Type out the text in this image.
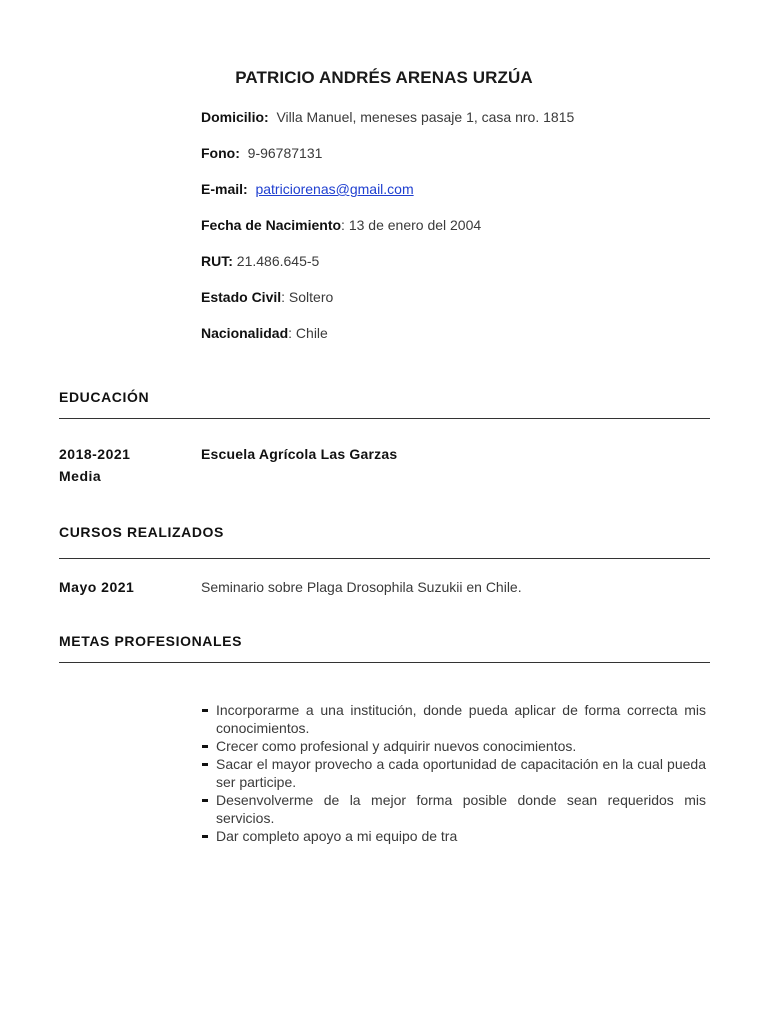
PATRICIO ANDRÉS ARENAS URZÚA
Domicilio: Villa Manuel, meneses pasaje 1, casa nro. 1815
Fono: 9-96787131
E-mail: patriciorenas@gmail.com
Fecha de Nacimiento: 13 de enero del 2004
RUT: 21.486.645-5
Estado Civil: Soltero
Nacionalidad: Chile
EDUCACIÓN
2018-2021	Escuela Agrícola Las Garzas
Media
CURSOS REALIZADOS
Mayo 2021	Seminario sobre Plaga Drosophila Suzukii en Chile.
METAS PROFESIONALES
Incorporarme a una institución, donde pueda aplicar de forma correcta mis conocimientos.
Crecer como profesional y adquirir nuevos conocimientos.
Sacar el mayor provecho a cada oportunidad de capacitación en la cual pueda ser participe.
Desenvolverme de la mejor forma posible donde sean requeridos mis servicios.
Dar completo apoyo a mi equipo de tra
